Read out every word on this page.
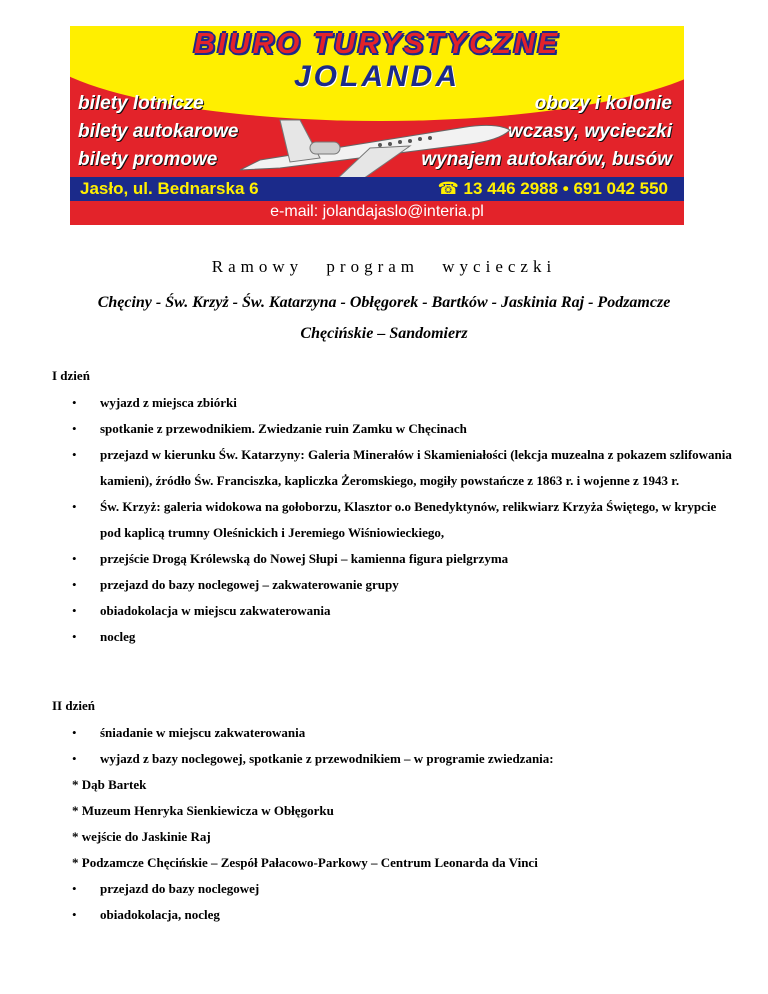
BIURO TURYSTYCZNE
JOLANDA
bilety lotnicze
bilety autokarowe
bilety promowe
obozy i kolonie
wczasy, wycieczki
wynajem autokarów, busów
Jasło, ul. Bednarska 6	☎ 13 446 2988 • 691 042 550
e-mail: jolandajaslo@interia.pl
Ramowy program wycieczki
Chęciny - Św. Krzyż - Św. Katarzyna - Obłęgorek - Bartków - Jaskinia Raj - Podzamcze
Chęcińskie – Sandomierz
I dzień
• wyjazd z miejsca zbiórki
• spotkanie z przewodnikiem. Zwiedzanie ruin Zamku w Chęcinach
• przejazd w kierunku Św. Katarzyny: Galeria Minerałów i Skamieniałości (lekcja muzealna z pokazem szlifowania kamieni), źródło Św. Franciszka, kapliczka Żeromskiego, mogiły powstańcze z 1863 r. i wojenne z 1943 r.
• Św. Krzyż: galeria widokowa na gołoborzu, Klasztor o.o Benedyktynów, relikwiarz Krzyża Świętego, w krypcie pod kaplicą trumny Oleśnickich i Jeremiego Wiśniowieckiego,
• przejście Drogą Królewską do Nowej Słupi – kamienna figura pielgrzyma
• przejazd do bazy noclegowej – zakwaterowanie grupy
• obiadokolacja w miejscu zakwaterowania
• nocleg
II dzień
• śniadanie w miejscu zakwaterowania
• wyjazd z bazy noclegowej, spotkanie z przewodnikiem – w programie zwiedzania:
* Dąb Bartek
* Muzeum Henryka Sienkiewicza w Obłęgorku
* wejście do Jaskinie Raj
* Podzamcze Chęcińskie – Zespół Pałacowo-Parkowy – Centrum Leonarda da Vinci
• przejazd do bazy noclegowej
• obiadokolacja, nocleg
